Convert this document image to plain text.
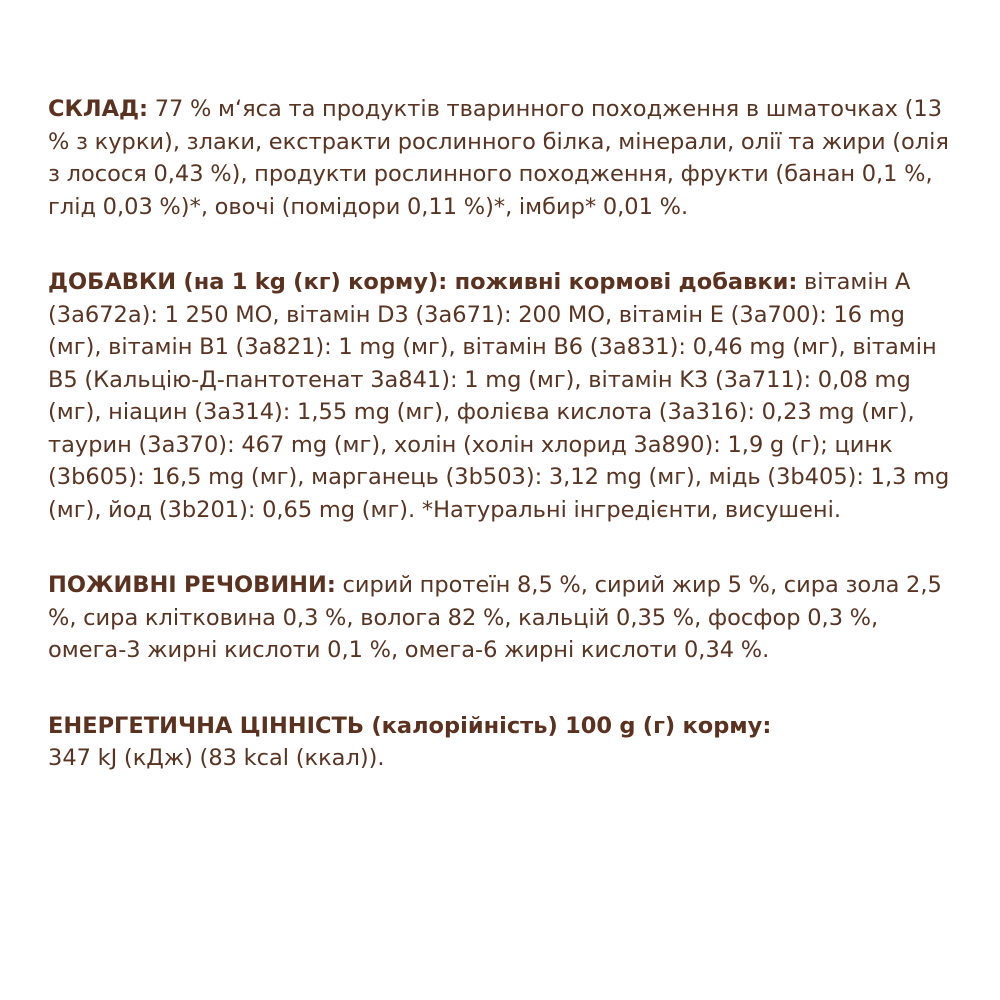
СКЛАД: 77 % м‘яса та продуктів тваринного походження в шматочках (13 % з курки), злаки, екстракти рослинного білка, мінерали, олії та жири (олія з лосося 0,43 %), продукти рослинного походження, фрукти (банан 0,1 %, глід 0,03 %)*, овочі (помідори 0,11 %)*, імбир* 0,01 %.

ДОБАВКИ (на 1 kg (кг) корму): поживні кормові добавки: вітамін A (3a672a): 1 250 МО, вітамін D3 (3a671): 200 МО, вітамін E (3a700): 16 mg (мг), вітамін B1 (3a821): 1 mg (мг), вітамін B6 (3a831): 0,46 mg (мг), вітамін B5 (Кальцію-Д-пантотенат 3a841): 1 mg (мг), вітамін K3 (3a711): 0,08 mg (мг), ніацин (3a314): 1,55 mg (мг), фолієва кислота (3a316): 0,23 mg (мг), таурин (3a370): 467 mg (мг), холін (холін хлорид 3a890): 1,9 g (г); цинк (3b605): 16,5 mg (мг), марганець (3b503): 3,12 mg (мг), мідь (3b405): 1,3 mg (мг), йод (3b201): 0,65 mg (мг). *Натуральні інгредієнти, висушені.

ПОЖИВНІ РЕЧОВИНИ: сирий протеїн 8,5 %, сирий жир 5 %, сира зола 2,5 %, сира клітковина 0,3 %, волога 82 %, кальцій 0,35 %, фосфор 0,3 %, омега-3 жирні кислоти 0,1 %, омега-6 жирні кислоти 0,34 %.

ЕНЕРГЕТИЧНА ЦІННІСТЬ (калорійність) 100 g (г) корму:
347 kJ (кДж) (83 kcal (ккал)).
